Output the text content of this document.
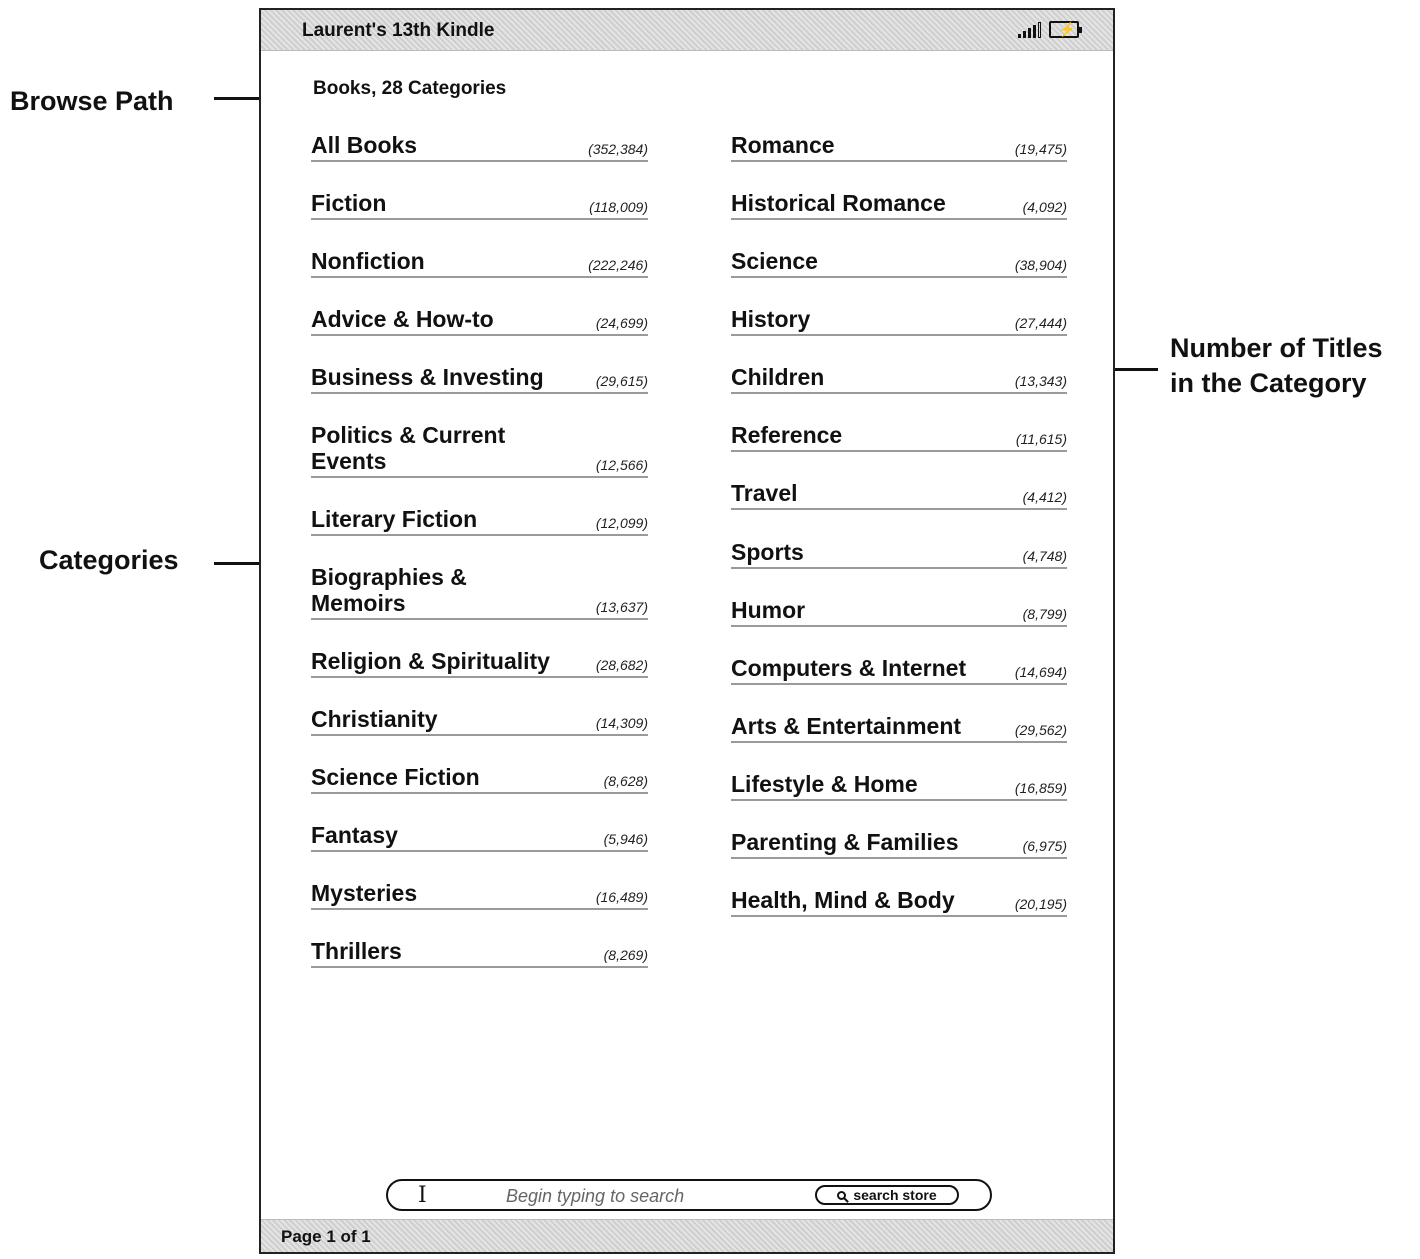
Browse Path
Categories
Number of Titles
in the Category
Laurent's 13th Kindle	⚡
Books, 28 Categories
All Books	(352,384)
Fiction	(118,009)
Nonfiction	(222,246)
Advice & How-to	(24,699)
Business & Investing	(29,615)
Politics & Current Events	(12,566)
Literary Fiction	(12,099)
Biographies & Memoirs	(13,637)
Religion & Spirituality	(28,682)
Christianity	(14,309)
Science Fiction	(8,628)
Fantasy	(5,946)
Mysteries	(16,489)
Thrillers	(8,269)
Romance	(19,475)
Historical Romance	(4,092)
Science	(38,904)
History	(27,444)
Children	(13,343)
Reference	(11,615)
Travel	(4,412)
Sports	(4,748)
Humor	(8,799)
Computers & Internet	(14,694)
Arts & Entertainment	(29,562)
Lifestyle & Home	(16,859)
Parenting & Families	(6,975)
Health, Mind & Body	(20,195)
I	Begin typing to search	search store
Page 1 of 1
